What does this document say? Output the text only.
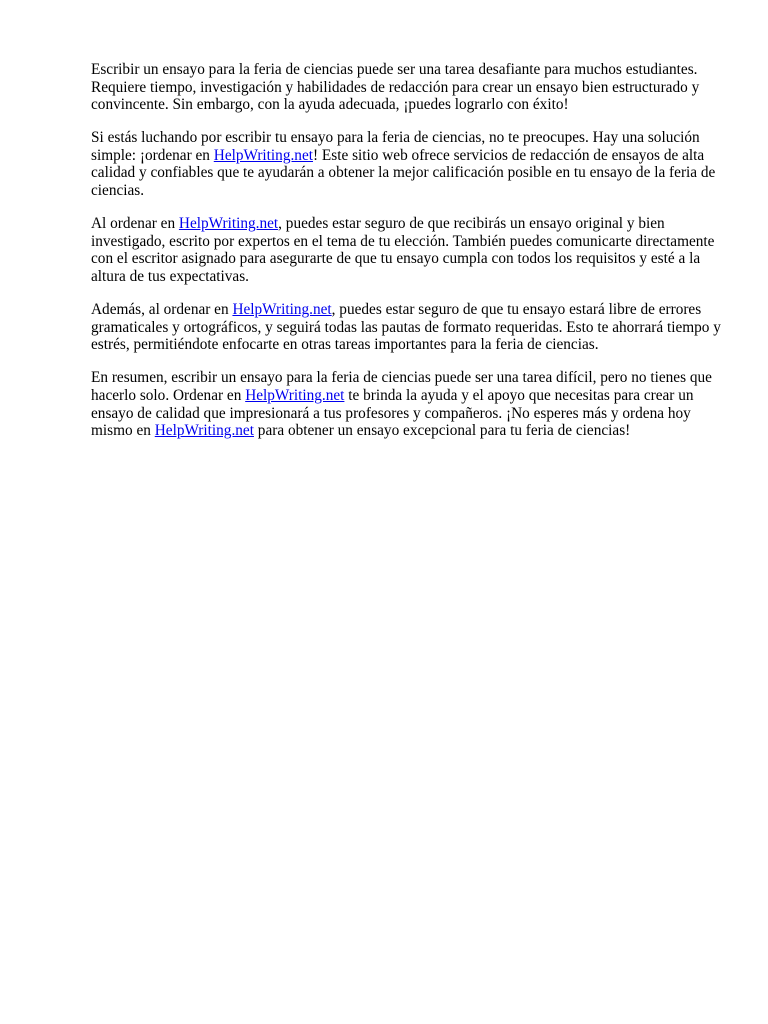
Escribir un ensayo para la feria de ciencias puede ser una tarea desafiante para muchos estudiantes. Requiere tiempo, investigación y habilidades de redacción para crear un ensayo bien estructurado y convincente. Sin embargo, con la ayuda adecuada, ¡puedes lograrlo con éxito!

Si estás luchando por escribir tu ensayo para la feria de ciencias, no te preocupes. Hay una solución simple: ¡ordenar en HelpWriting.net! Este sitio web ofrece servicios de redacción de ensayos de alta calidad y confiables que te ayudarán a obtener la mejor calificación posible en tu ensayo de la feria de ciencias.

Al ordenar en HelpWriting.net, puedes estar seguro de que recibirás un ensayo original y bien investigado, escrito por expertos en el tema de tu elección. También puedes comunicarte directamente con el escritor asignado para asegurarte de que tu ensayo cumpla con todos los requisitos y esté a la altura de tus expectativas.

Además, al ordenar en HelpWriting.net, puedes estar seguro de que tu ensayo estará libre de errores gramaticales y ortográficos, y seguirá todas las pautas de formato requeridas. Esto te ahorrará tiempo y estrés, permitiéndote enfocarte en otras tareas importantes para la feria de ciencias.

En resumen, escribir un ensayo para la feria de ciencias puede ser una tarea difícil, pero no tienes que hacerlo solo. Ordenar en HelpWriting.net te brinda la ayuda y el apoyo que necesitas para crear un ensayo de calidad que impresionará a tus profesores y compañeros. ¡No esperes más y ordena hoy mismo en HelpWriting.net para obtener un ensayo excepcional para tu feria de ciencias!
